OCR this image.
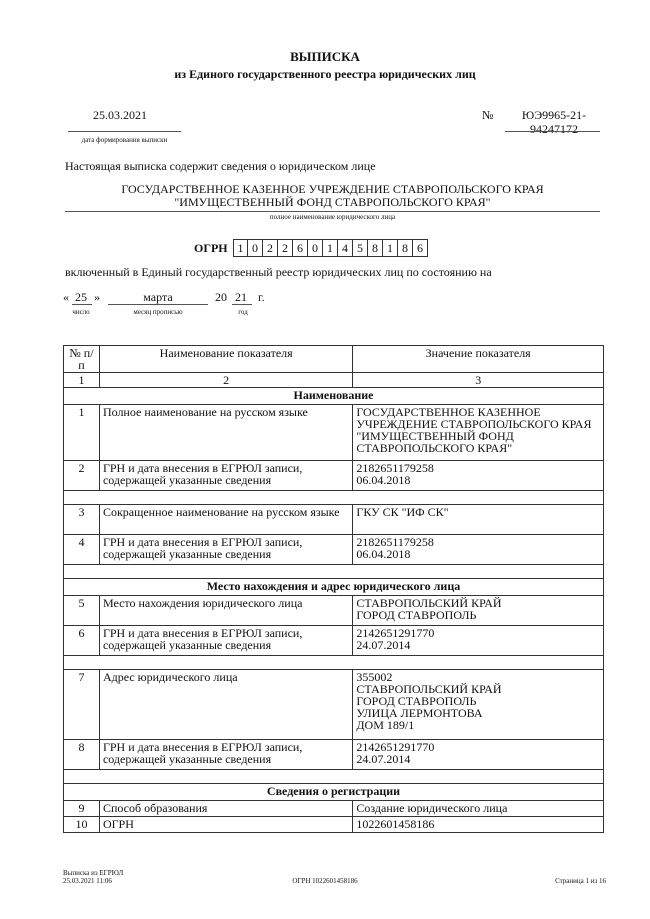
ВЫПИСКА
из Единого государственного реестра юридических лиц
25.03.2021
дата формирования выписки
№	ЮЭ9965-21-
94247172
Настоящая выписка содержит сведения о юридическом лице
ГОСУДАРСТВЕННОЕ КАЗЕННОЕ УЧРЕЖДЕНИЕ СТАВРОПОЛЬСКОГО КРАЯ
"ИМУЩЕСТВЕННЫЙ ФОНД СТАВРОПОЛЬСКОГО КРАЯ"
полное наименование юридического лица
ОГРН 1 0 2 2 6 0 1 4 5 8 1 8 6
включенный в Единый государственный реестр юридических лиц по состоянию на
« 25 »	марта	20 21 г.
число	месяц прописью	год
№ п/п	Наименование показателя	Значение показателя
1	2	3
Наименование		
1	Полное наименование на русском языке	ГОСУДАРСТВЕННОЕ КАЗЕННОЕ УЧРЕЖДЕНИЕ СТАВРОПОЛЬСКОГО КРАЯ "ИМУЩЕСТВЕННЫЙ ФОНД СТАВРОПОЛЬСКОГО КРАЯ"
2	ГРН и дата внесения в ЕГРЮЛ записи, содержащей указанные сведения	2182651179258
06.04.2018

3	Сокращенное наименование на русском языке	ГКУ СК "ИФ СК"
4	ГРН и дата внесения в ЕГРЮЛ записи, содержащей указанные сведения	2182651179258
06.04.2018

Место нахождения и адрес юридического лица		
5	Место нахождения юридического лица	СТАВРОПОЛЬСКИЙ КРАЙ
ГОРОД СТАВРОПОЛЬ

6	ГРН и дата внесения в ЕГРЮЛ записи, содержащей указанные сведения	2142651291770
24.07.2014

7	Адрес юридического лица	355002
СТАВРОПОЛЬСКИЙ КРАЙ
ГОРОД СТАВРОПОЛЬ
УЛИЦА ЛЕРМОНТОВА
ДОМ 189/1

8	ГРН и дата внесения в ЕГРЮЛ записи, содержащей указанные сведения	2142651291770
24.07.2014

Сведения о регистрации		
9	Способ образования	Создание юридического лица
10	ОГРН	1022601458186
Выписка из ЕГРЮЛ
25.03.2021 11:06	ОГРН 1022601458186	Страница 1 из 16
